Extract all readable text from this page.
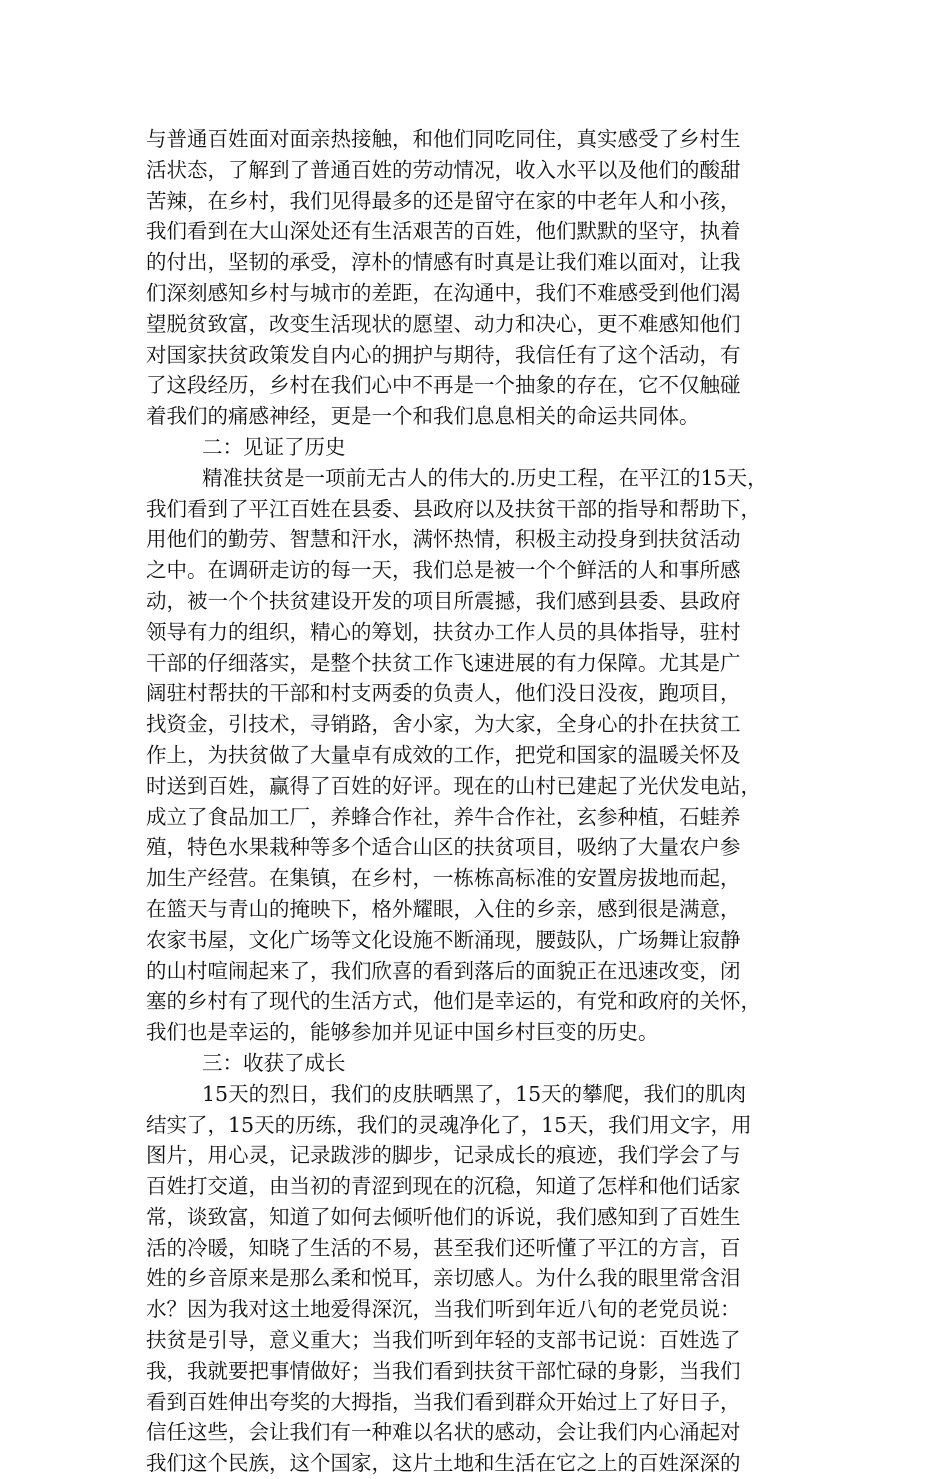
与普通百姓面对面亲热接触，和他们同吃同住，真实感受了乡村生
活状态，了解到了普通百姓的劳动情况，收入水平以及他们的酸甜
苦辣，在乡村，我们见得最多的还是留守在家的中老年人和小孩，
我们看到在大山深处还有生活艰苦的百姓，他们默默的坚守，执着
的付出，坚韧的承受，淳朴的情感有时真是让我们难以面对，让我
们深刻感知乡村与城市的差距，在沟通中，我们不难感受到他们渴
望脱贫致富，改变生活现状的愿望、动力和决心，更不难感知他们
对国家扶贫政策发自内心的拥护与期待，我信任有了这个活动，有
了这段经历，乡村在我们心中不再是一个抽象的存在，它不仅触碰
着我们的痛感神经，更是一个和我们息息相关的命运共同体。
二：见证了历史
精准扶贫是一项前无古人的伟大的.历史工程，在平江的15天，
我们看到了平江百姓在县委、县政府以及扶贫干部的指导和帮助下，
用他们的勤劳、智慧和汗水，满怀热情，积极主动投身到扶贫活动
之中。在调研走访的每一天，我们总是被一个个鲜活的人和事所感
动，被一个个扶贫建设开发的项目所震撼，我们感到县委、县政府
领导有力的组织，精心的筹划，扶贫办工作人员的具体指导，驻村
干部的仔细落实，是整个扶贫工作飞速进展的有力保障。尤其是广
阔驻村帮扶的干部和村支两委的负责人，他们没日没夜，跑项目，
找资金，引技术，寻销路，舍小家，为大家，全身心的扑在扶贫工
作上，为扶贫做了大量卓有成效的工作，把党和国家的温暖关怀及
时送到百姓，赢得了百姓的好评。现在的山村已建起了光伏发电站，
成立了食品加工厂，养蜂合作社，养牛合作社，玄参种植，石蛙养
殖，特色水果栽种等多个适合山区的扶贫项目，吸纳了大量农户参
加生产经营。在集镇，在乡村，一栋栋高标准的安置房拔地而起，
在篮天与青山的掩映下，格外耀眼，入住的乡亲，感到很是满意，
农家书屋，文化广场等文化设施不断涌现，腰鼓队，广场舞让寂静
的山村喧闹起来了，我们欣喜的看到落后的面貌正在迅速改变，闭
塞的乡村有了现代的生活方式，他们是幸运的，有党和政府的关怀，
我们也是幸运的，能够参加并见证中国乡村巨变的历史。
三：收获了成长
15天的烈日，我们的皮肤晒黑了，15天的攀爬，我们的肌肉
结实了，15天的历练，我们的灵魂净化了，15天，我们用文字，用
图片，用心灵，记录跋涉的脚步，记录成长的痕迹，我们学会了与
百姓打交道，由当初的青涩到现在的沉稳，知道了怎样和他们话家
常，谈致富，知道了如何去倾听他们的诉说，我们感知到了百姓生
活的冷暖，知晓了生活的不易，甚至我们还听懂了平江的方言，百
姓的乡音原来是那么柔和悦耳，亲切感人。为什么我的眼里常含泪
水？因为我对这土地爱得深沉，当我们听到年近八旬的老党员说：
扶贫是引导，意义重大；当我们听到年轻的支部书记说：百姓选了
我，我就要把事情做好；当我们看到扶贫干部忙碌的身影，当我们
看到百姓伸出夸奖的大拇指，当我们看到群众开始过上了好日子，
信任这些，会让我们有一种难以名状的感动，会让我们内心涌起对
我们这个民族，这个国家，这片土地和生活在它之上的百姓深深的
